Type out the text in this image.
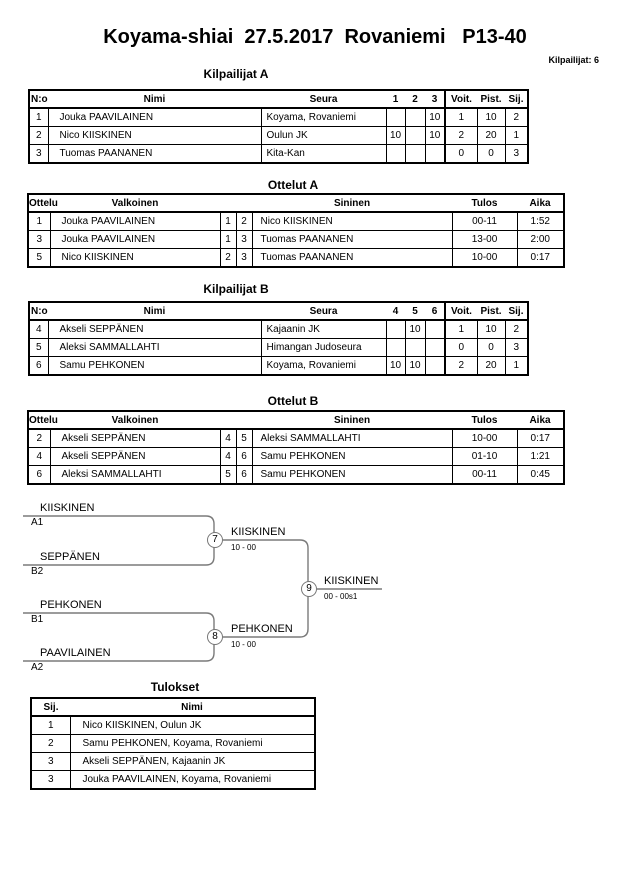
Koyama-shiai  27.5.2017  Rovaniemi   P13-40
Kilpailijat: 6
Kilpailijat A
N:o	Nimi	Seura	1	2	3	Voit.	Pist.	Sij.
1	Jouka PAAVILAINEN	Koyama, Rovaniemi			10	1	10	2
2	Nico KIISKINEN	Oulun JK	10		10	2	20	1
3	Tuomas PAANANEN	Kita-Kan				0	0	3
Ottelut A
Ottelu	Valkoinen			Sininen	Tulos	Aika
1	Jouka PAAVILAINEN	1	2	Nico KIISKINEN	00-11	1:52
3	Jouka PAAVILAINEN	1	3	Tuomas PAANANEN	13-00	2:00
5	Nico KIISKINEN	2	3	Tuomas PAANANEN	10-00	0:17
Kilpailijat B
N:o	Nimi	Seura	4	5	6	Voit.	Pist.	Sij.
4	Akseli SEPPÄNEN	Kajaanin JK		10		1	10	2
5	Aleksi SAMMALLAHTI	Himangan Judoseura				0	0	3
6	Samu PEHKONEN	Koyama, Rovaniemi	10	10		2	20	1
Ottelut B
Ottelu	Valkoinen			Sininen	Tulos	Aika
2	Akseli SEPPÄNEN	4	5	Aleksi SAMMALLAHTI	10-00	0:17
4	Akseli SEPPÄNEN	4	6	Samu PEHKONEN	01-10	1:21
6	Aleksi SAMMALLAHTI	5	6	Samu PEHKONEN	00-11	0:45
KIISKINEN
A1
SEPPÄNEN
B2
PEHKONEN
B1
PAAVILAINEN
A2
7
KIISKINEN
10 - 00
8
PEHKONEN
10 - 00
9
KIISKINEN
00 - 00s1
Tulokset
Sij.	Nimi
1	Nico KIISKINEN, Oulun JK
2	Samu PEHKONEN, Koyama, Rovaniemi
3	Akseli SEPPÄNEN, Kajaanin JK
3	Jouka PAAVILAINEN, Koyama, Rovaniemi
